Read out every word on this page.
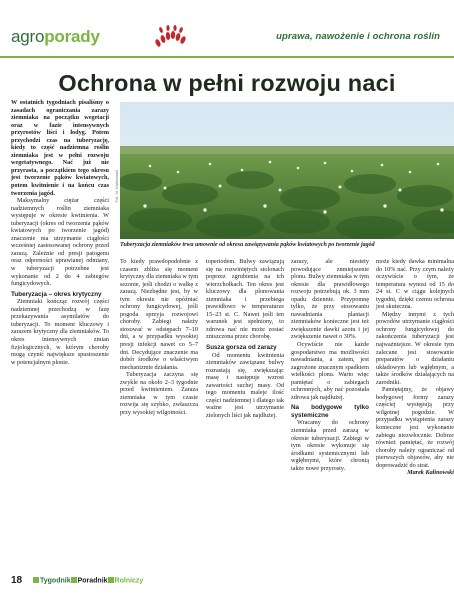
agroporady	uprawa, nawożenie i ochrona roślin
Ochrona w pełni rozwoju naci

W ostatnich tygodniach pisaliśmy o zasadach ograniczania zarazy ziemniaka na początku wegetacji oraz w fazie intensywnych przyrostów liści i łodyg. Potem przychodzi czas na tuberyzację, kiedy to część nadziemna roślin ziemniaka jest w pełni rozwoju wegetatywnego. Nać już nie przyrasta, a początkiem tego okresu jest tworzenie pąków kwiatowych, potem kwitnienie i na końcu czas tworzenia jagód.

Maksymalny ciężar części nadziemnych roślin ziemniaka występuje w okresie kwitnienia. W tuberyzacji (okres od tworzenia pąków kwiatowych po tworzenie jagód) znaczenie ma utrzymanie ciągłości wcześniej zastosowanej ochrony przed zarazą. Zależnie od presji patogenu oraz odporności uprawianej odmiany, w tuberyzacji potrzebne jest wykonanie od 2 do 4 zabiegów fungicydowych.

Tuberyzacja – okres krytyczny

Ziemniaki kończąc rozwój części nadziemnej przechodzą w fazę przekazywania asymilatów do tuberyzacji. To moment kluczowy i zarazem krytyczny dla ziemniaków. To okres intensywnych zmian fizjologicznych, w którym choroby mogą czynić największe spustoszenie w potencjalnym plonie.

Fot. M. Kalinowski
Tuberyzacja ziemniaków trwa umownie od okresu zawiązywania pąków kwiatowych po tworzenie jagód

To kiedy prawdopodobnie z czasem zbliża się moment krytyczny dla ziemniaka w tym sezonie, jeśli chodzi o walkę z zarazą. Niezbędne jest, by w tym okresie nie opóźniać ochrony fungicydowej, jeśli pogoda sprzyja rozwojowi choroby. Zabiegi należy stosować w odstępach 7–10 dni, a w przypadku wysokiej presji infekcji nawet co 5–7 dni. Decydujące znaczenie ma dobór środków o właściwym mechanizmie działania.

Tuberyzacja zaczyna się zwykle na około 2–3 tygodnie przed kwitnieniem. Zaraza ziemniaka w tym czasie rozwija się szybko, zwłaszcza przy wysokiej wilgotności.

toperiodem. Bulwy zawiązują się na rozwiniętych stolonach poprzez zgrubienia na ich wierzchołkach. Ten okres jest kluczowy dla plonowania ziemniaka i przebiega prawidłowo w temperaturze 15–23 st. C. Nawet jeśli ten warunek jest spełniony, to zdrowa nać nie może zostać zniszczona przez chorobę.

Susza gorsza od zarazy

Od momentu kwitnienia ziemniaków zawiązane bulwy rozrastają się, zwiększając masę i następuje wzrost zawartości suchej masy. Od tego momentu maleje ilość części nadziemnej i dlatego tak ważne jest utrzymanie zielonych liści jak najdłużej.

zarazy, ale niestety powodujące zmniejszenie plonu. Bulwy ziemniaka w tym okresie dla prawidłowego rozwoju potrzebują ok. 3 mm opadu dziennie. Przypomnę tylko, że przy stosowaniu nawadniania plantacji ziemniaków konieczne jest też zwiększenie dawki azotu i jej zwiększenie nawet o 30%.

Ocywiście nie każde gospodarstwo ma możliwości nawadniania, a zatem, jest zagrożone znacznym spadkiem wielkości plonu. Warto więc pamiętać o zabiegach ochronnych, aby nać pozostała zdrowa jak najdłużej.

Na bodygowe tylko systemiczne

Wracamy do ochrony ziemniaka przed zarazą w okresie tuberyzacji. Zabiegi w tym okresie wykonuje się środkami systemicznymi lub wgłębnymi, które chronią także nowe przyrosty.

może kiedy dawka minimalna do 10% nać. Przy czym należy oczywiście o tym, że temperatura wynosi od 15 do 24 st. C w ciągu kolejnych tygodni, dzięki czemu ochrona jest skuteczna.

Między innymi z tych powodów utrzymanie ciągłości ochrony fungicydowej do zakończenia tuberyzacji jest najważniejsze. W okresie tym zalecane jest stosowanie preparatów o działaniu układowym lub wgłębnym, a także środków działających na zarodniki.

Pamiętajmy, że objawy bodygowej formy zarazy częściej występują przy wilgotnej pogodzie. W przypadku wystąpienia zarazy konieczne jest wykonanie zabiegu niezwłocznie. Dobrze również pamiętać, że rozwój choroby należy ograniczać od pierwszych objawów, aby nie doprowadzić do strat.

Marek Kalinowski

18	Tygodnik Poradnik Rolniczy
